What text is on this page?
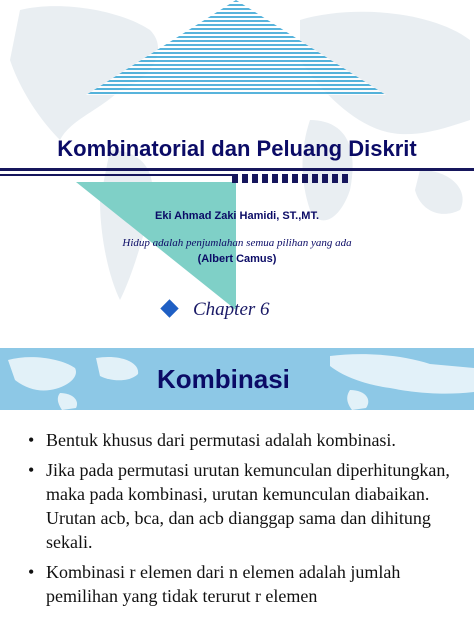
Kombinatorial dan Peluang Diskrit
Eki Ahmad Zaki Hamidi, ST.,MT.
Hidup adalah penjumlahan semua pilihan yang ada
(Albert Camus)
Chapter 6
Kombinasi
• Bentuk khusus dari permutasi adalah kombinasi.
• Jika pada permutasi urutan kemunculan diperhitungkan, maka pada kombinasi, urutan kemunculan diabaikan. Urutan acb, bca, dan acb dianggap sama dan dihitung sekali.
• Kombinasi r elemen dari n elemen adalah jumlah pemilihan yang tidak terurut r elemen
